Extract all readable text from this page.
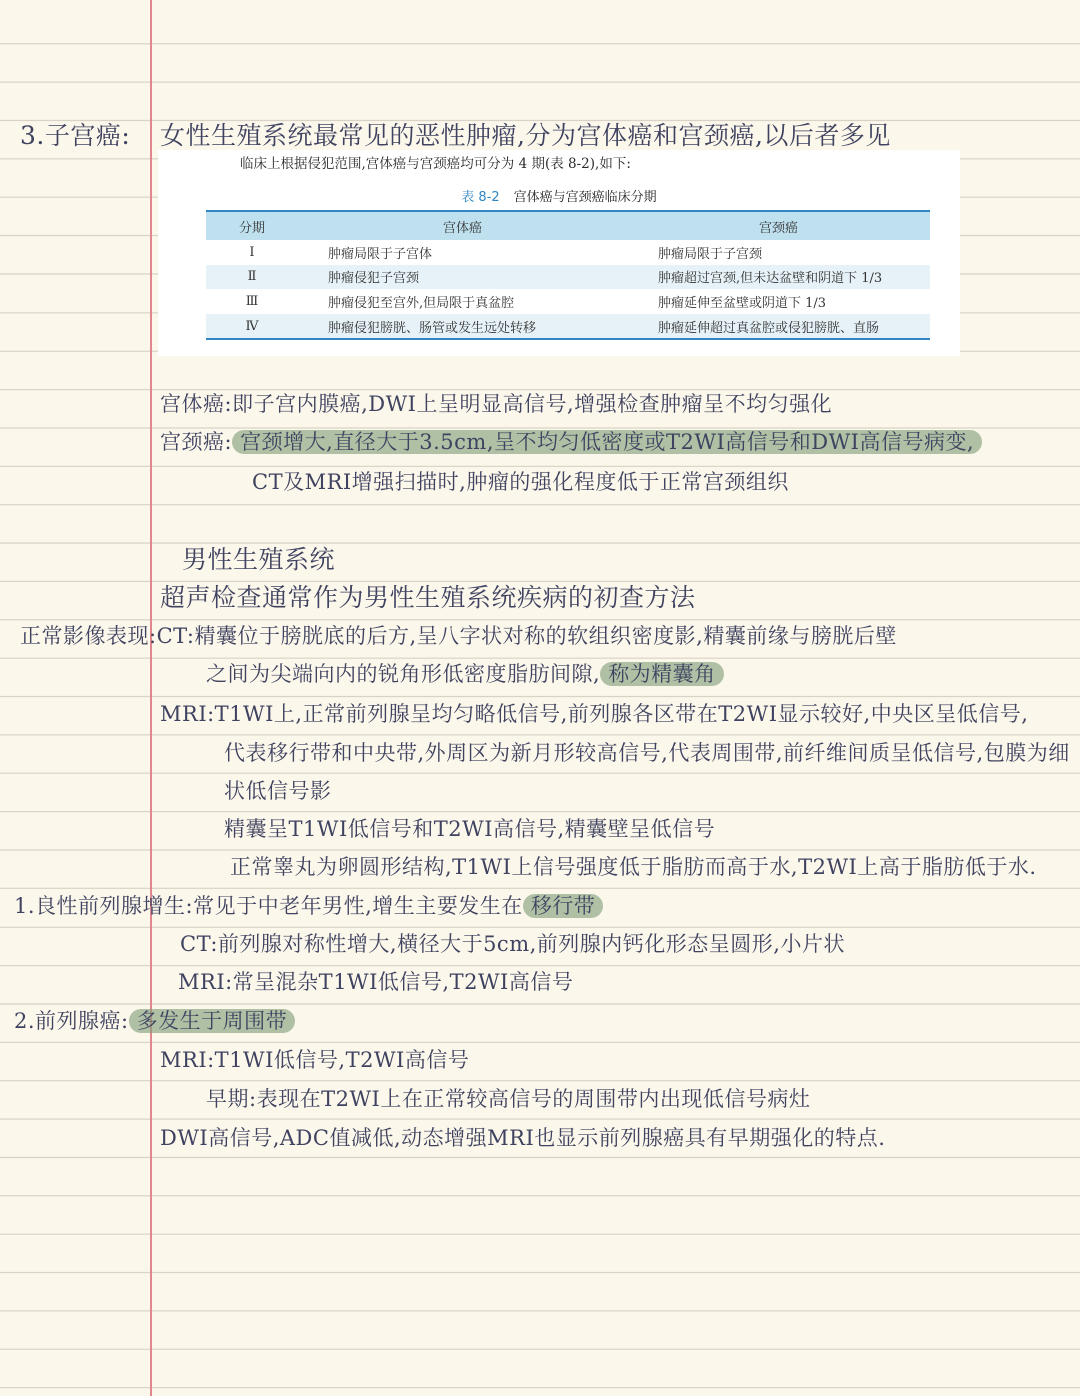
3.子宫癌: 女性生殖系统最常见的恶性肿瘤,分为宫体癌和宫颈癌,以后者多见
临床上根据侵犯范围,宫体癌与宫颈癌均可分为 4 期(表 8-2),如下:
表 8-2 宫体癌与宫颈癌临床分期
分期	宫体癌	宫颈癌
Ⅰ	肿瘤局限于子宫体	肿瘤局限于子宫颈
Ⅱ	肿瘤侵犯子宫颈	肿瘤超过宫颈,但未达盆壁和阴道下 1/3
Ⅲ	肿瘤侵犯至宫外,但局限于真盆腔	肿瘤延伸至盆壁或阴道下 1/3
Ⅳ	肿瘤侵犯膀胱、肠管或发生远处转移	肿瘤延伸超过真盆腔或侵犯膀胱、直肠
宫体癌:即子宫内膜癌,DWI上呈明显高信号,增强检查肿瘤呈不均匀强化
宫颈癌: 宫颈增大,直径大于3.5cm,呈不均匀低密度或T2WI高信号和DWI高信号病变,
CT及MRI增强扫描时,肿瘤的强化程度低于正常宫颈组织
男性生殖系统
超声检查通常作为男性生殖系统疾病的初查方法
正常影像表现:CT:精囊位于膀胱底的后方,呈八字状对称的软组织密度影,精囊前缘与膀胱后壁
之间为尖端向内的锐角形低密度脂肪间隙, 称为精囊角
MRI:T1WI上,正常前列腺呈均匀略低信号,前列腺各区带在T2WI显示较好,中央区呈低信号,
代表移行带和中央带,外周区为新月形较高信号,代表周围带,前纤维间质呈低信号,包膜为细
状低信号影
精囊呈T1WI低信号和T2WI高信号,精囊壁呈低信号
正常睾丸为卵圆形结构,T1WI上信号强度低于脂肪而高于水,T2WI上高于脂肪低于水.
1.良性前列腺增生:常见于中老年男性,增生主要发生在 移行带
CT:前列腺对称性增大,横径大于5cm,前列腺内钙化形态呈圆形,小片状
MRI:常呈混杂T1WI低信号,T2WI高信号
2.前列腺癌: 多发生于周围带
MRI:T1WI低信号,T2WI高信号
早期:表现在T2WI上在正常较高信号的周围带内出现低信号病灶
DWI高信号,ADC值减低,动态增强MRI也显示前列腺癌具有早期强化的特点.
